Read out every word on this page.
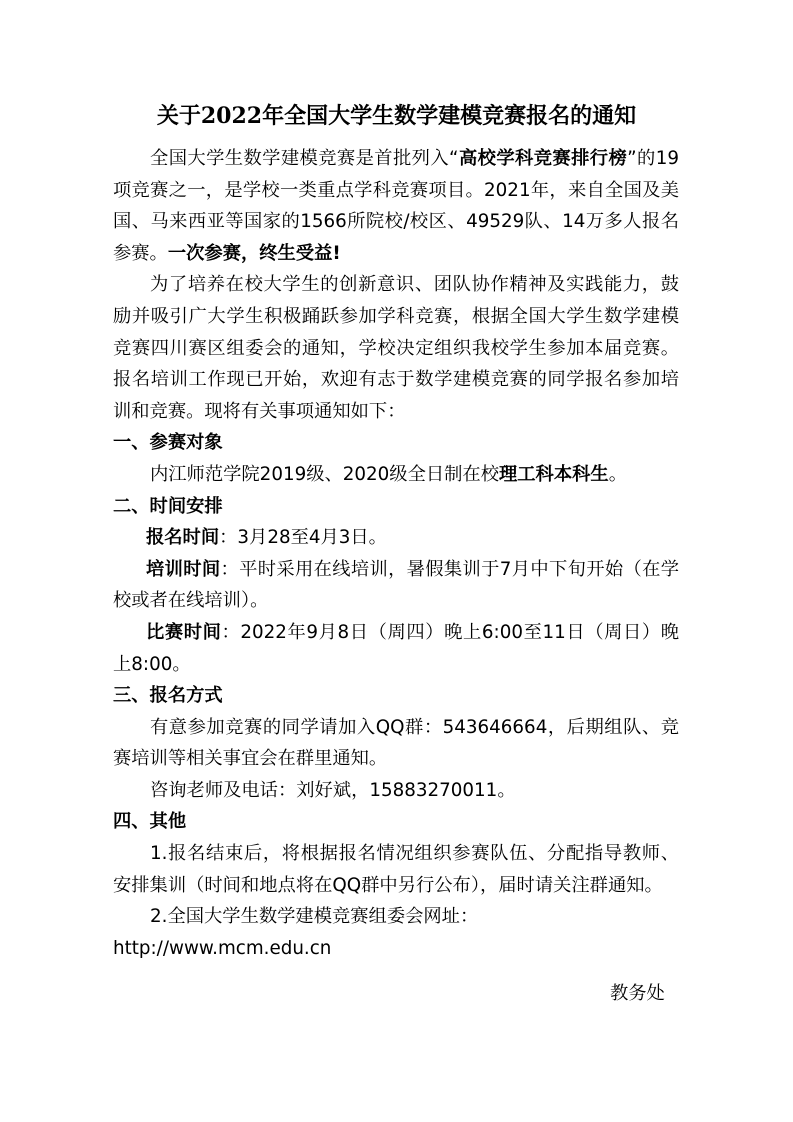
关于2022年全国大学生数学建模竞赛报名的通知

全国大学生数学建模竞赛是首批列入“高校学科竞赛排行榜”的19项竞赛之一，是学校一类重点学科竞赛项目。2021年，来自全国及美国、马来西亚等国家的1566所院校/校区、49529队、14万多人报名参赛。一次参赛，终生受益!

为了培养在校大学生的创新意识、团队协作精神及实践能力，鼓励并吸引广大学生积极踊跃参加学科竞赛，根据全国大学生数学建模竞赛四川赛区组委会的通知，学校决定组织我校学生参加本届竞赛。报名培训工作现已开始，欢迎有志于数学建模竞赛的同学报名参加培训和竞赛。现将有关事项通知如下：

一、参赛对象

内江师范学院2019级、2020级全日制在校理工科本科生。

二、时间安排

报名时间：3月28至4月3日。

培训时间：平时采用在线培训，暑假集训于7月中下旬开始（在学校或者在线培训）。

比赛时间：2022年9月8日（周四）晚上6:00至11日（周日）晚上8:00。

三、报名方式

有意参加竞赛的同学请加入QQ群：543646664，后期组队、竞赛培训等相关事宜会在群里通知。

咨询老师及电话：刘好斌，15883270011。

四、其他

1.报名结束后，将根据报名情况组织参赛队伍、分配指导教师、安排集训（时间和地点将在QQ群中另行公布），届时请关注群通知。

2.全国大学生数学建模竞赛组委会网址：http://www.mcm.edu.cn

教务处
